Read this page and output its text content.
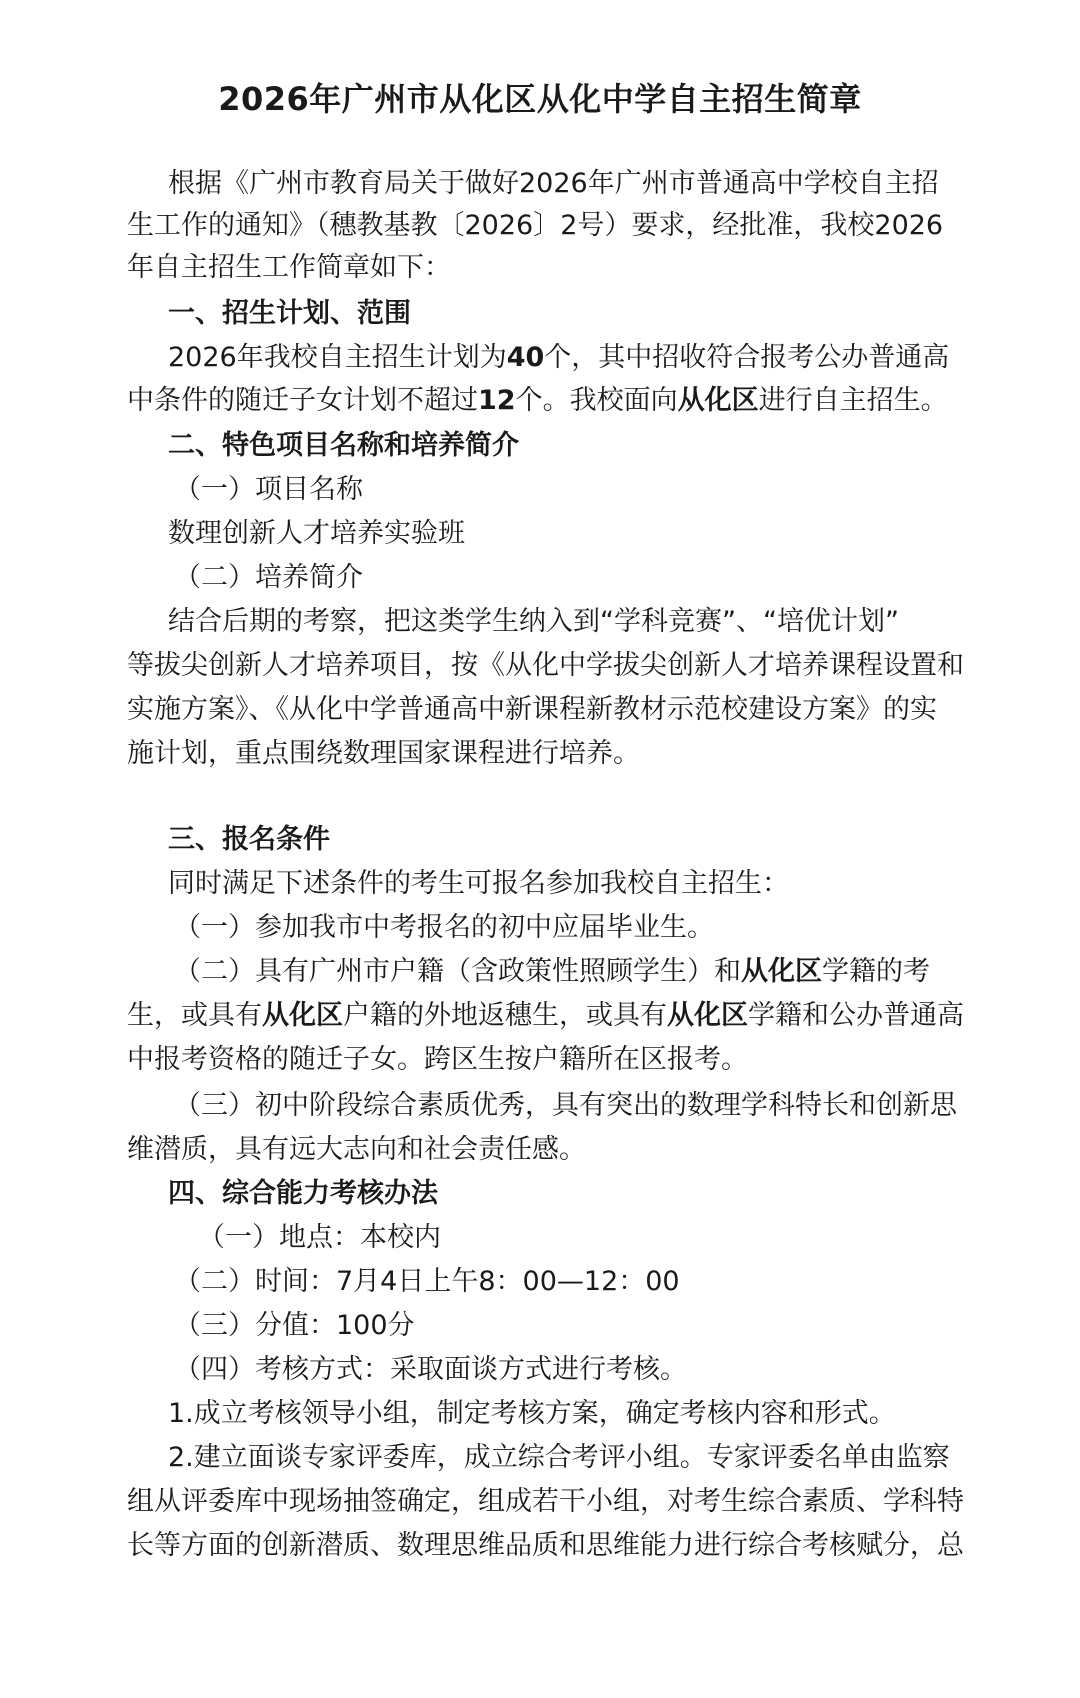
2026年广州市从化区从化中学自主招生简章
根据《广州市教育局关于做好2026年广州市普通高中学校自主招
生工作的通知》（穗教基教〔2026〕2号）要求，经批准，我校2026
年自主招生工作简章如下：
一、招生计划、范围
2026年我校自主招生计划为40个，其中招收符合报考公办普通高
中条件的随迁子女计划不超过12个。我校面向从化区进行自主招生。
二、特色项目名称和培养简介
（一）项目名称
数理创新人才培养实验班
（二）培养简介
结合后期的考察，把这类学生纳入到“学科竞赛”、“培优计划”
等拔尖创新人才培养项目，按《从化中学拔尖创新人才培养课程设置和
实施方案》、《从化中学普通高中新课程新教材示范校建设方案》的实
施计划，重点围绕数理国家课程进行培养。
三、报名条件
同时满足下述条件的考生可报名参加我校自主招生：
（一）参加我市中考报名的初中应届毕业生。
（二）具有广州市户籍（含政策性照顾学生）和从化区学籍的考
生，或具有从化区户籍的外地返穗生，或具有从化区学籍和公办普通高
中报考资格的随迁子女。跨区生按户籍所在区报考。
（三）初中阶段综合素质优秀，具有突出的数理学科特长和创新思
维潜质，具有远大志向和社会责任感。
四、综合能力考核办法
（一）地点：本校内
（二）时间：7月4日上午8：00—12：00
（三）分值：100分
（四）考核方式：采取面谈方式进行考核。
1.成立考核领导小组，制定考核方案，确定考核内容和形式。
2.建立面谈专家评委库，成立综合考评小组。专家评委名单由监察
组从评委库中现场抽签确定，组成若干小组，对考生综合素质、学科特
长等方面的创新潜质、数理思维品质和思维能力进行综合考核赋分，总
